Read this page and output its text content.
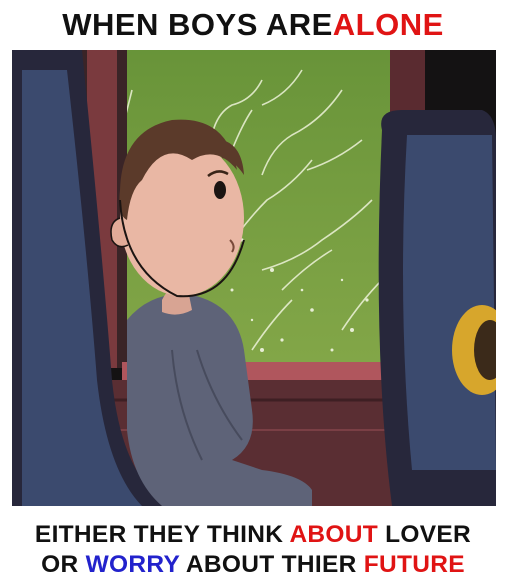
WHEN BOYS ARE ALONE
EITHER THEY THINK ABOUT LOVER
OR WORRY ABOUT THIER FUTURE
